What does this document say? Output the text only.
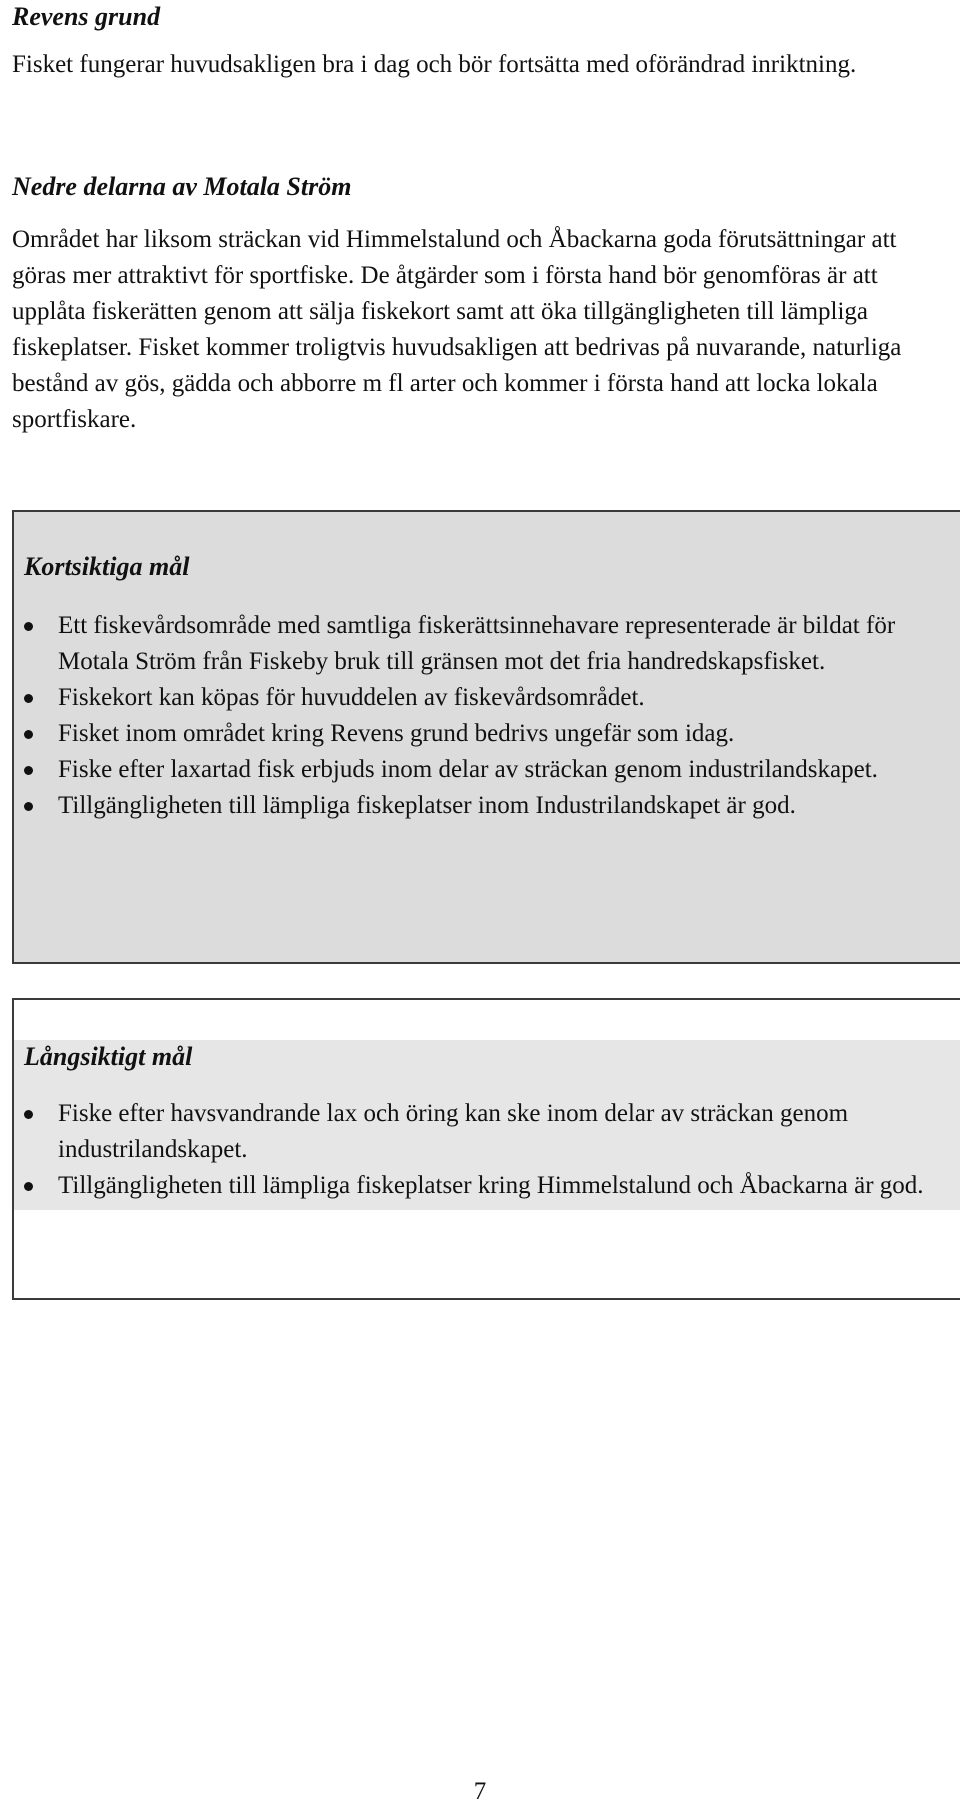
Revens grund

Fisket fungerar huvudsakligen bra i dag och bör fortsätta med oförändrad inriktning.

Nedre delarna av Motala Ström

Området har liksom sträckan vid Himmelstalund och Åbackarna goda förutsättningar att göras mer attraktivt för sportfiske. De åtgärder som i första hand bör genomföras är att upplåta fiskerätten genom att sälja fiskekort samt att öka tillgängligheten till lämpliga fiskeplatser. Fisket kommer troligtvis huvudsakligen att bedrivas på nuvarande, naturliga bestånd av gös, gädda och abborre m fl arter och kommer i första hand att locka lokala sportfiskare.

Kortsiktiga mål
Ett fiskevårdsområde med samtliga fiskerättsinnehavare representerade är bildat för Motala Ström från Fiskeby bruk till gränsen mot det fria handredskapsfisket.
Fiskekort kan köpas för huvuddelen av fiskevårdsområdet.
Fisket inom området kring Revens grund bedrivs ungefär som idag.
Fiske efter laxartad fisk erbjuds inom delar av sträckan genom industrilandskapet.
Tillgängligheten till lämpliga fiskeplatser inom Industrilandskapet är god.
Långsiktigt mål
Fiske efter havsvandrande lax och öring kan ske inom delar av sträckan genom industrilandskapet.
Tillgängligheten till lämpliga fiskeplatser kring Himmelstalund och Åbackarna är god.
7
